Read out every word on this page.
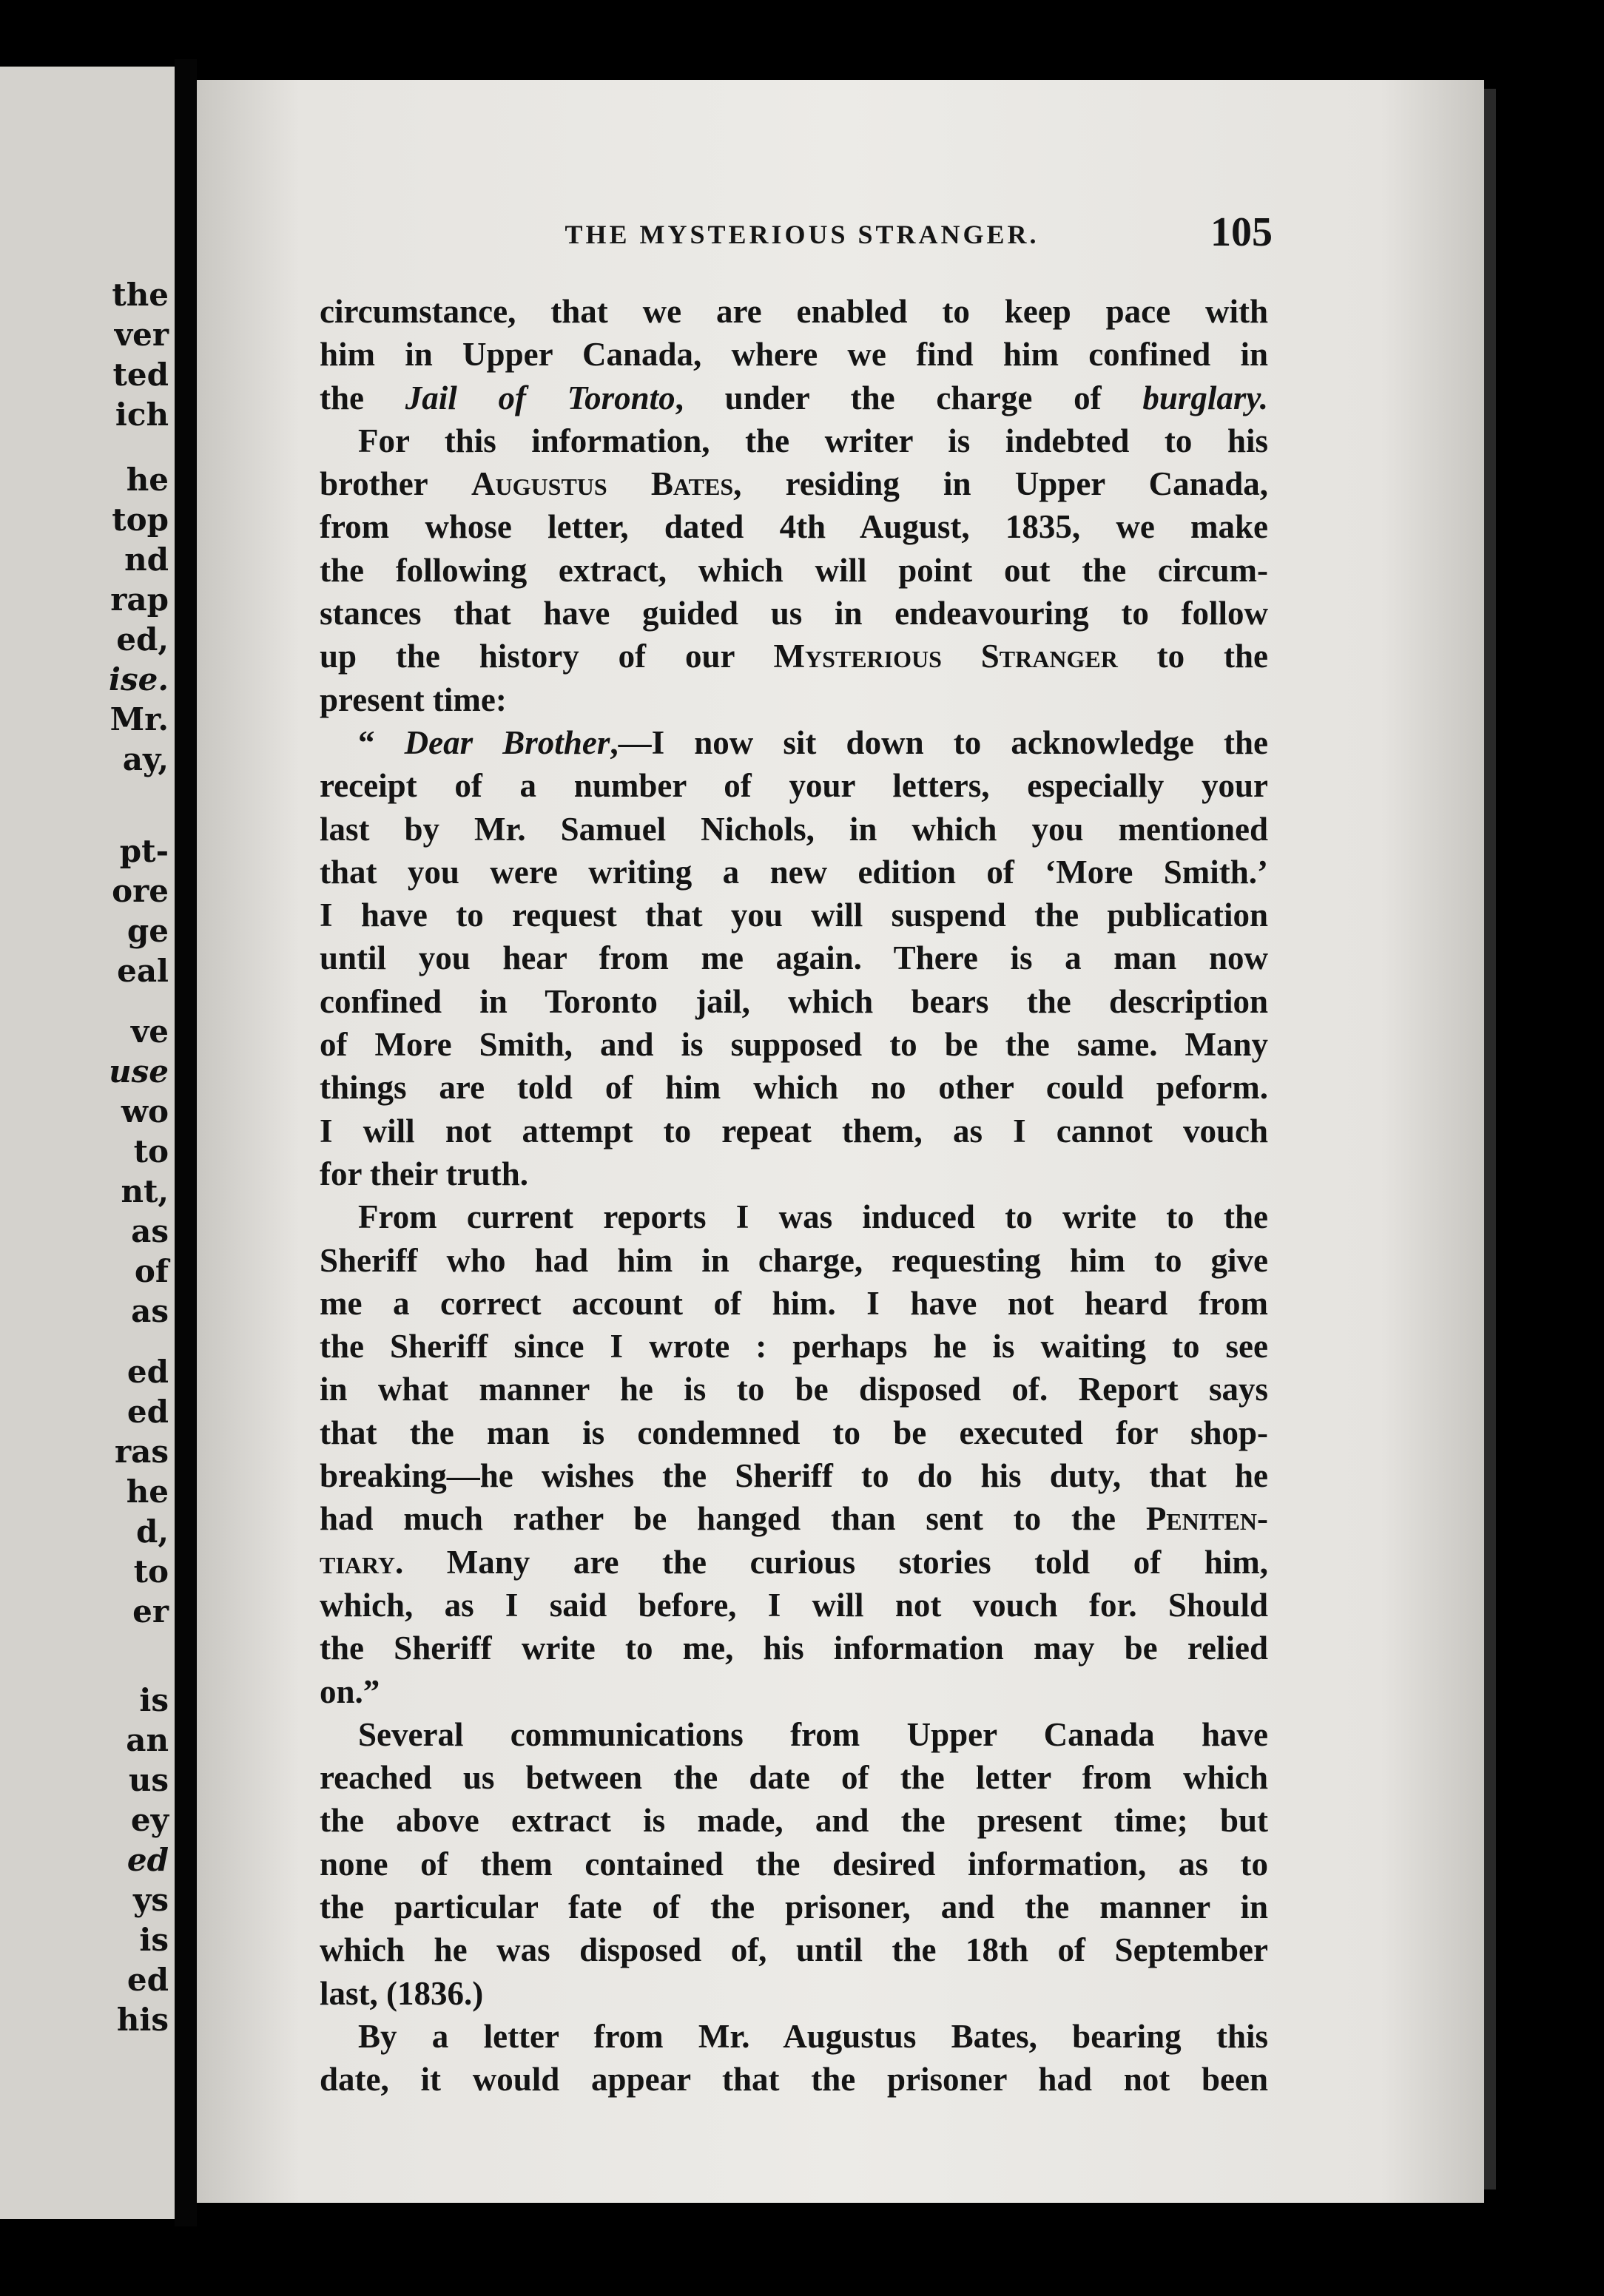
the

ver

ted

ich

he

top

nd

rap

ed,

ise.

Mr.

ay,

pt-

ore

ge

eal

ve

use

wo

to

nt,

as

of

as

ed

ed

ras

he

d,

to

er

is

an

us

ey

ed

ys

is

ed

his

THE MYSTERIOUS STRANGER.	105

circumstance, that we are enabled to keep pace with
him in Upper Canada, where we find him confined in
the Jail of Toronto, under the charge of burglary.
For this information, the writer is indebted to his
brother Augustus Bates, residing in Upper Canada,
from whose letter, dated 4th August, 1835, we make
the following extract, which will point out the circum-
stances that have guided us in endeavouring to follow
up the history of our Mysterious Stranger to the
present time:
“ Dear Brother,—I now sit down to acknowledge the
receipt of a number of your letters, especially your
last by Mr. Samuel Nichols, in which you mentioned
that you were writing a new edition of ‘More Smith.’
I have to request that you will suspend the publication
until you hear from me again. There is a man now
confined in Toronto jail, which bears the description
of More Smith, and is supposed to be the same. Many
things are told of him which no other could peform.
I will not attempt to repeat them, as I cannot vouch
for their truth.
From current reports I was induced to write to the
Sheriff who had him in charge, requesting him to give
me a correct account of him. I have not heard from
the Sheriff since I wrote : perhaps he is waiting to see
in what manner he is to be disposed of. Report says
that the man is condemned to be executed for shop-
breaking—he wishes the Sheriff to do his duty, that he
had much rather be hanged than sent to the Peniten-
tiary. Many are the curious stories told of him,
which, as I said before, I will not vouch for. Should
the Sheriff write to me, his information may be relied
on.”
Several communications from Upper Canada have
reached us between the date of the letter from which
the above extract is made, and the present time; but
none of them contained the desired information, as to
the particular fate of the prisoner, and the manner in
which he was disposed of, until the 18th of September
last, (1836.)
By a letter from Mr. Augustus Bates, bearing this
date, it would appear that the prisoner had not been
